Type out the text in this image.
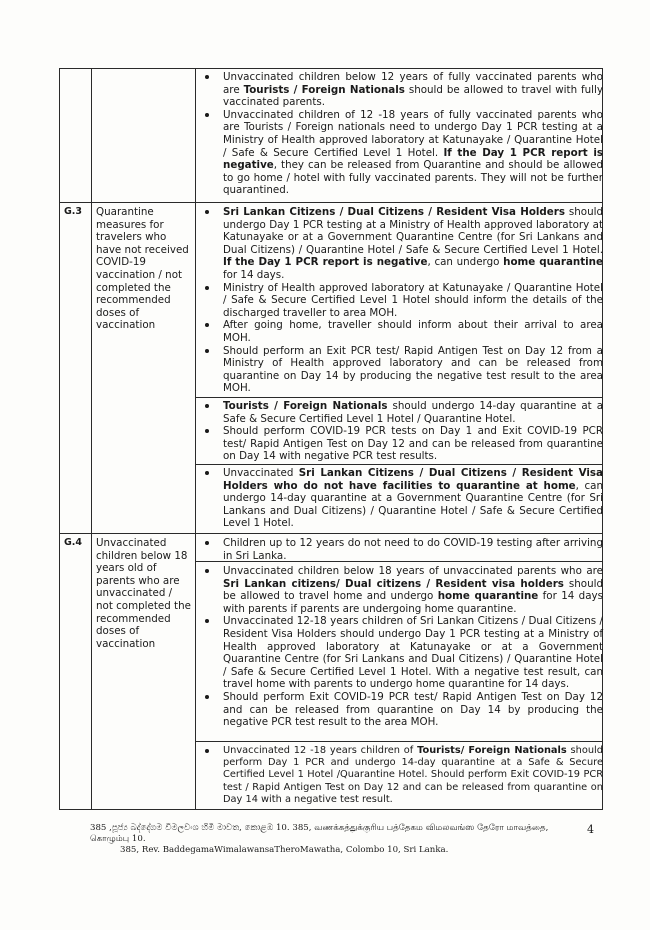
G.3
G.4
Quarantine measures for travelers who have not received COVID-19 vaccination / not completed the recommended doses of vaccination
Unvaccinated children below 18 years old of parents who are unvaccinated / not completed the recommended doses of vaccination
Unvaccinated children below 12 years of fully vaccinated parents who are Tourists / Foreign Nationals should be allowed to travel with fully vaccinated parents.
Unvaccinated children of 12 -18 years of fully vaccinated parents who are Tourists / Foreign nationals need to undergo Day 1 PCR testing at a Ministry of Health approved laboratory at Katunayake / Quarantine Hotel / Safe & Secure Certified Level 1 Hotel. If the Day 1 PCR report is negative, they can be released from Quarantine and should be allowed to go home / hotel with fully vaccinated parents. They will not be further quarantined.
Sri Lankan Citizens / Dual Citizens / Resident Visa Holders should undergo Day 1 PCR testing at a Ministry of Health approved laboratory at Katunayake or at a Government Quarantine Centre (for Sri Lankans and Dual Citizens) / Quarantine Hotel / Safe & Secure Certified Level 1 Hotel. If the Day 1 PCR report is negative, can undergo home quarantine for 14 days.
Ministry of Health approved laboratory at Katunayake / Quarantine Hotel / Safe & Secure Certified Level 1 Hotel should inform the details of the discharged traveller to area MOH.
After going home, traveller should inform about their arrival to area MOH.
Should perform an Exit PCR test/ Rapid Antigen Test on Day 12 from a Ministry of Health approved laboratory and can be released from quarantine on Day 14 by producing the negative test result to the area MOH.
Tourists / Foreign Nationals should undergo 14-day quarantine at a Safe & Secure Certified Level 1 Hotel / Quarantine Hotel.
Should perform COVID-19 PCR tests on Day 1 and Exit COVID-19 PCR test/ Rapid Antigen Test on Day 12 and can be released from quarantine on Day 14 with negative PCR test results.
Unvaccinated Sri Lankan Citizens / Dual Citizens / Resident Visa Holders who do not have facilities to quarantine at home, can undergo 14-day quarantine at a Government Quarantine Centre (for Sri Lankans and Dual Citizens) / Quarantine Hotel / Safe & Secure Certified Level 1 Hotel.
Children up to 12 years do not need to do COVID-19 testing after arriving in Sri Lanka.
Unvaccinated children below 18 years of unvaccinated parents who are Sri Lankan citizens/ Dual citizens / Resident visa holders should be allowed to travel home and undergo home quarantine for 14 days with parents if parents are undergoing home quarantine.
Unvaccinated 12-18 years children of Sri Lankan Citizens / Dual Citizens / Resident Visa Holders should undergo Day 1 PCR testing at a Ministry of Health approved laboratory at Katunayake or at a Government Quarantine Centre (for Sri Lankans and Dual Citizens) / Quarantine Hotel / Safe & Secure Certified Level 1 Hotel. With a negative test result, can travel home with parents to undergo home quarantine for 14 days.
Should perform Exit COVID-19 PCR test/ Rapid Antigen Test on Day 12 and can be released from quarantine on Day 14 by producing the negative PCR test result to the area MOH.
Unvaccinated 12 -18 years children of Tourists/ Foreign Nationals should perform Day 1 PCR and undergo 14-day quarantine at a Safe & Secure Certified Level 1 Hotel /Quarantine Hotel. Should perform Exit COVID-19 PCR test / Rapid Antigen Test on Day 12 and can be released from quarantine on Day 14 with a negative test result.
385 ,පූජ්‍ය බද්දේගම විමලවංශ හිමි මාවත, කොළඹ 10. 385, வணக்கத்துக்குரிய பத்தேகம விமலவங்ஸ தேரோ மாவத்தை, கொழும்பு 10.
385, Rev. BaddegamaWimalawansaTheroMawatha, Colombo 10, Sri Lanka.
4
